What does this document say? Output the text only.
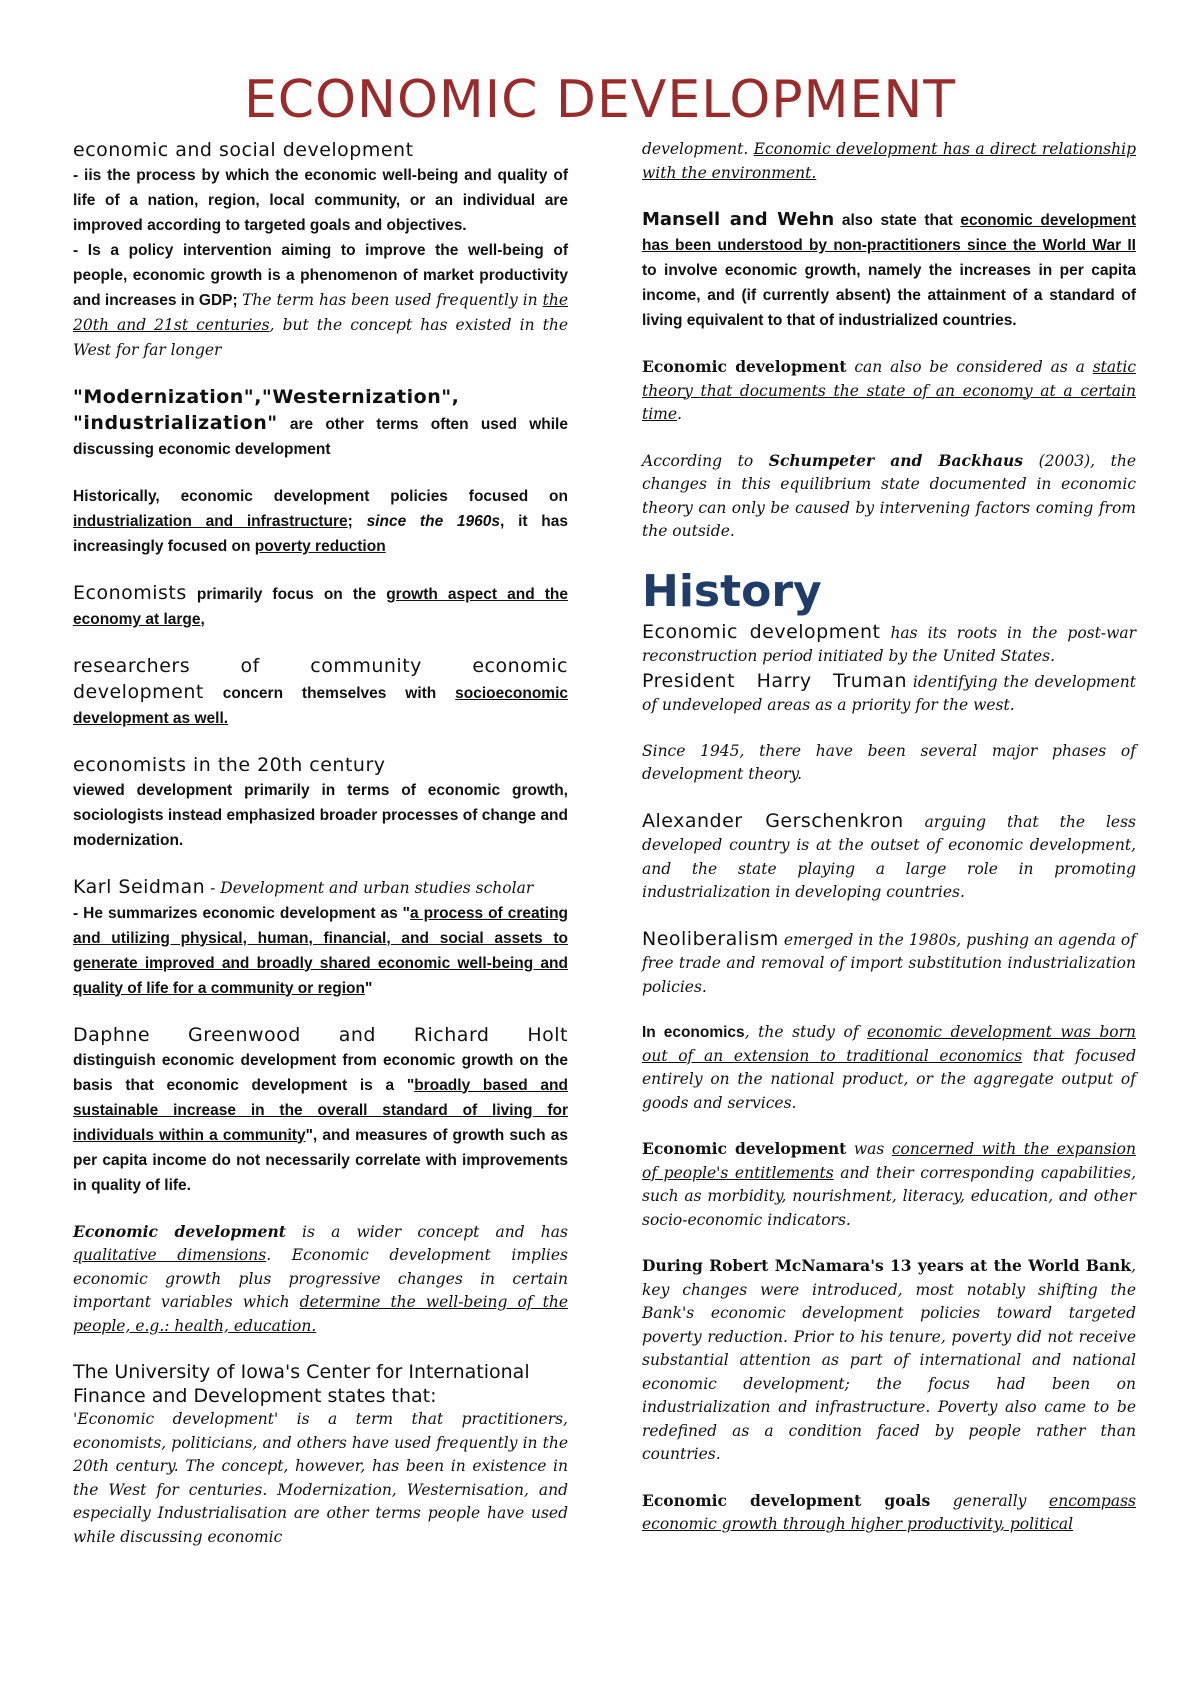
ECONOMIC DEVELOPMENT

economic and social development

- iis the process by which the economic well-being and quality of life of a nation, region, local community, or an individual are improved according to targeted goals and objectives.

- Is a policy intervention aiming to improve the well-being of people, economic growth is a phenomenon of market productivity and increases in GDP; The term has been used frequently in the 20th and 21st centuries, but the concept has existed in the West for far longer

"Modernization","Westernization", "industrialization" are other terms often used while discussing economic development

Historically, economic development policies focused on industrialization and infrastructure; since the 1960s, it has increasingly focused on poverty reduction

Economists primarily focus on the growth aspect and the economy at large,

researchers of community economic development concern themselves with socioeconomic development as well.

economists in the 20th century

viewed development primarily in terms of economic growth, sociologists instead emphasized broader processes of change and modernization.

Karl Seidman - Development and urban studies scholar

- He summarizes economic development as "a process of creating and utilizing physical, human, financial, and social assets to generate improved and broadly shared economic well-being and quality of life for a community or region"

Daphne Greenwood and Richard Holt

distinguish economic development from economic growth on the basis that economic development is a "broadly based and sustainable increase in the overall standard of living for individuals within a community", and measures of growth such as per capita income do not necessarily correlate with improvements in quality of life.

Economic development is a wider concept and has qualitative dimensions. Economic development implies economic growth plus progressive changes in certain important variables which determine the well-being of the people, e.g.: health, education.

The University of Iowa's Center for International Finance and Development states that:

'Economic development' is a term that practitioners, economists, politicians, and others have used frequently in the 20th century. The concept, however, has been in existence in the West for centuries. Modernization, Westernisation, and especially Industrialisation are other terms people have used while discussing economic

development. Economic development has a direct relationship with the environment.

Mansell and Wehn also state that economic development has been understood by non-practitioners since the World War II to involve economic growth, namely the increases in per capita income, and (if currently absent) the attainment of a standard of living equivalent to that of industrialized countries.

Economic development can also be considered as a static theory that documents the state of an economy at a certain time.

According to Schumpeter and Backhaus (2003), the changes in this equilibrium state documented in economic theory can only be caused by intervening factors coming from the outside.

History

Economic development has its roots in the post-war reconstruction period initiated by the United States.

President Harry Truman identifying the development of undeveloped areas as a priority for the west.

Since 1945, there have been several major phases of development theory.

Alexander Gerschenkron arguing that the less developed country is at the outset of economic development, and the state playing a large role in promoting industrialization in developing countries.

Neoliberalism emerged in the 1980s, pushing an agenda of free trade and removal of import substitution industrialization policies.

In economics, the study of economic development was born out of an extension to traditional economics that focused entirely on the national product, or the aggregate output of goods and services.

Economic development was concerned with the expansion of people's entitlements and their corresponding capabilities, such as morbidity, nourishment, literacy, education, and other socio-economic indicators.

During Robert McNamara's 13 years at the World Bank, key changes were introduced, most notably shifting the Bank's economic development policies toward targeted poverty reduction. Prior to his tenure, poverty did not receive substantial attention as part of international and national economic development; the focus had been on industrialization and infrastructure. Poverty also came to be redefined as a condition faced by people rather than countries.

Economic development goals generally encompass economic growth through higher productivity, political
